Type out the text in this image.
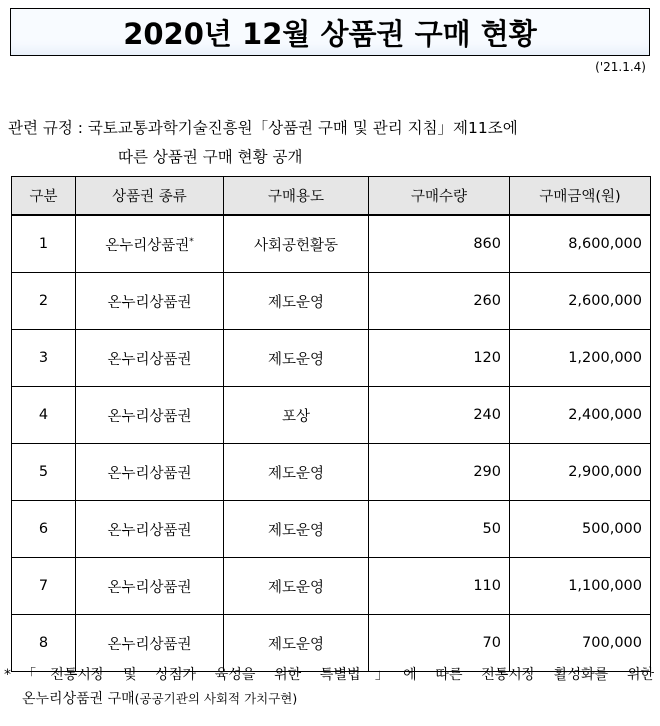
2020년 12월 상품권 구매 현황
('21.1.4)
관련 규정 : 국토교통과학기술진흥원「상품권 구매 및 관리 지침」제11조에
따른 상품권 구매 현황 공개
구분	상품권 종류	구매용도	구매수량	구매금액(원)
1	온누리상품권*	사회공헌활동	860	8,600,000
2	온누리상품권	제도운영	260	2,600,000
3	온누리상품권	제도운영	120	1,200,000
4	온누리상품권	포상	240	2,400,000
5	온누리상품권	제도운영	290	2,900,000
6	온누리상품권	제도운영	50	500,000
7	온누리상품권	제도운영	110	1,100,000
8	온누리상품권	제도운영	70	700,000
* 「전통시장 및 상점가 육성을 위한 특별법」에 따른 전통시장 활성화를 위한
온누리상품권 구매(공공기관의 사회적 가치구현)
